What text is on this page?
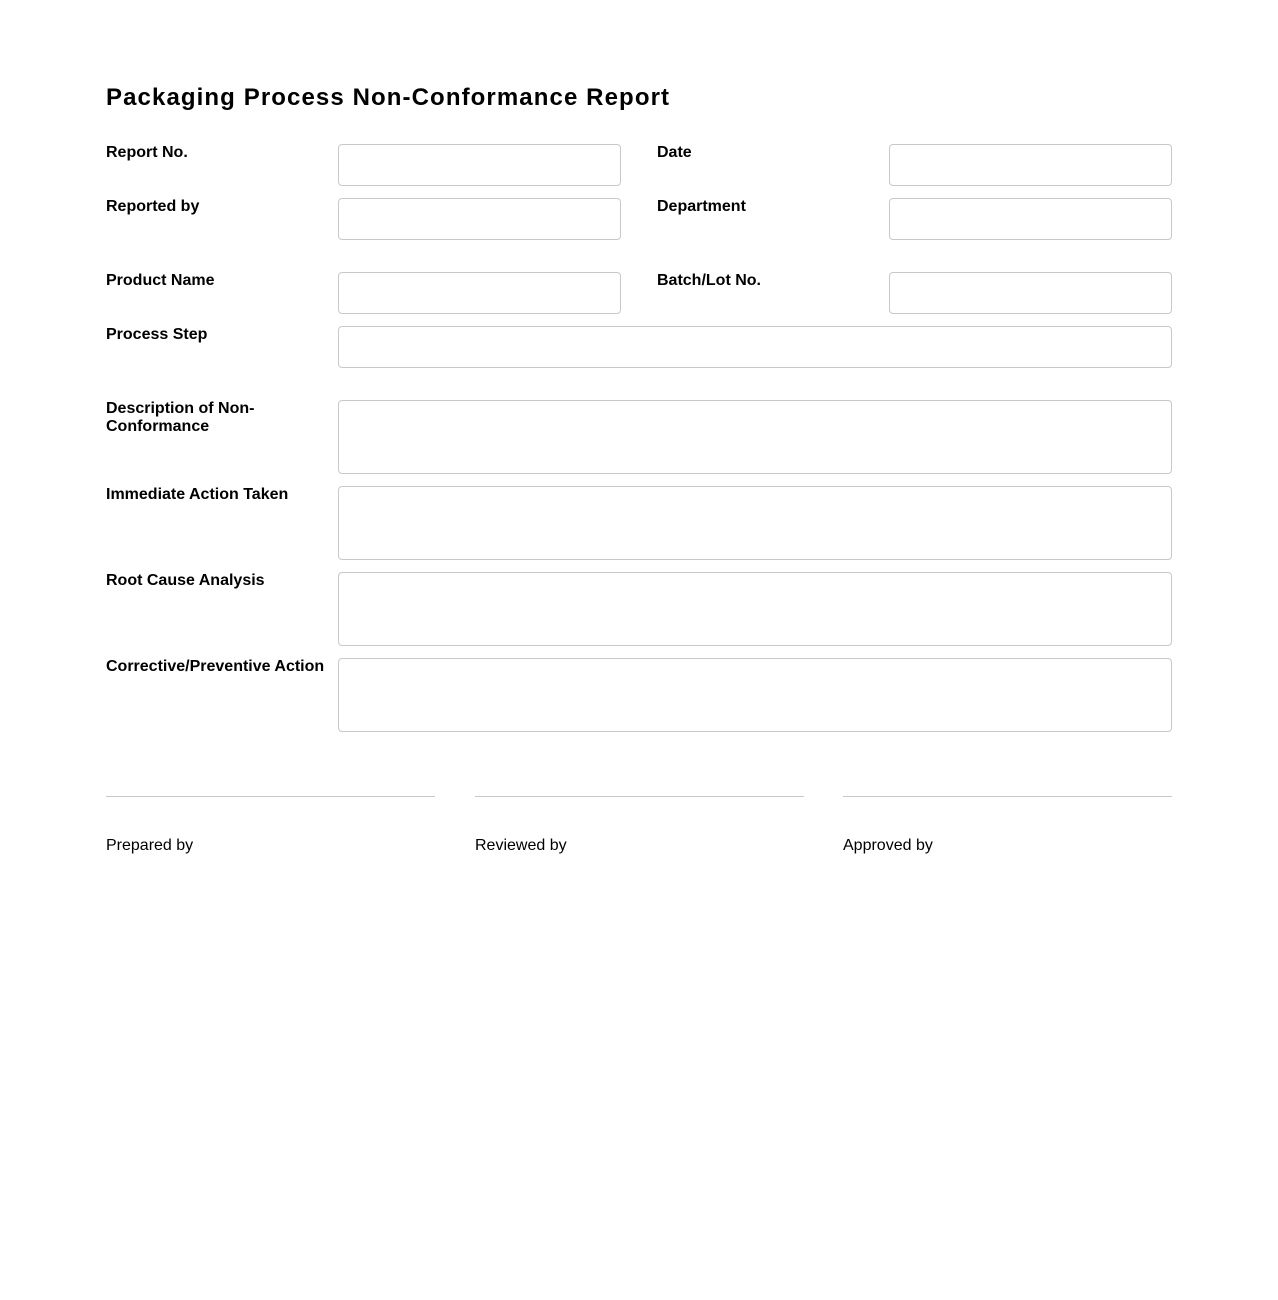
Packaging Process Non-Conformance Report
Report No.	Date
Reported by	Department
Product Name	Batch/Lot No.
Process Step
Description of Non-
Conformance
Immediate Action Taken
Root Cause Analysis
Corrective/Preventive Action
Prepared by	Reviewed by	Approved by
